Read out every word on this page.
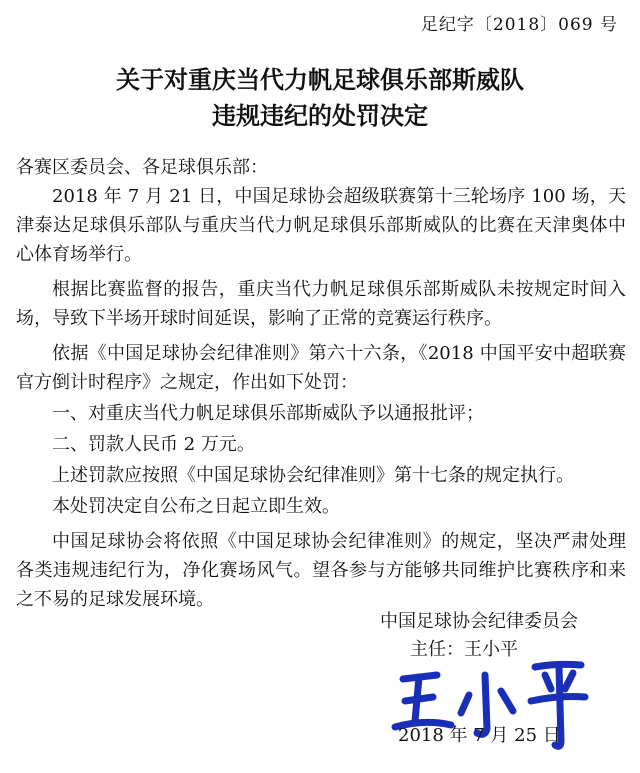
足纪字〔2018〕069 号
关于对重庆当代力帆足球俱乐部斯威队
违规违纪的处罚决定
各赛区委员会、各足球俱乐部：

2018 年 7 月 21 日，中国足球协会超级联赛第十三轮场序 100 场，天津泰达足球俱乐部队与重庆当代力帆足球俱乐部斯威队的比赛在天津奥体中心体育场举行。

根据比赛监督的报告，重庆当代力帆足球俱乐部斯威队未按规定时间入场，导致下半场开球时间延误，影响了正常的竞赛运行秩序。

依据《中国足球协会纪律准则》第六十六条，《2018 中国平安中超联赛官方倒计时程序》之规定，作出如下处罚：

一、对重庆当代力帆足球俱乐部斯威队予以通报批评；

二、罚款人民币 2 万元。

上述罚款应按照《中国足球协会纪律准则》第十七条的规定执行。

本处罚决定自公布之日起立即生效。

中国足球协会将依照《中国足球协会纪律准则》的规定，坚决严肃处理各类违规违纪行为，净化赛场风气。望各参与方能够共同维护比赛秩序和来之不易的足球发展环境。

中国足球协会纪律委员会
主任：王小平
2018 年 7 月 25 日
